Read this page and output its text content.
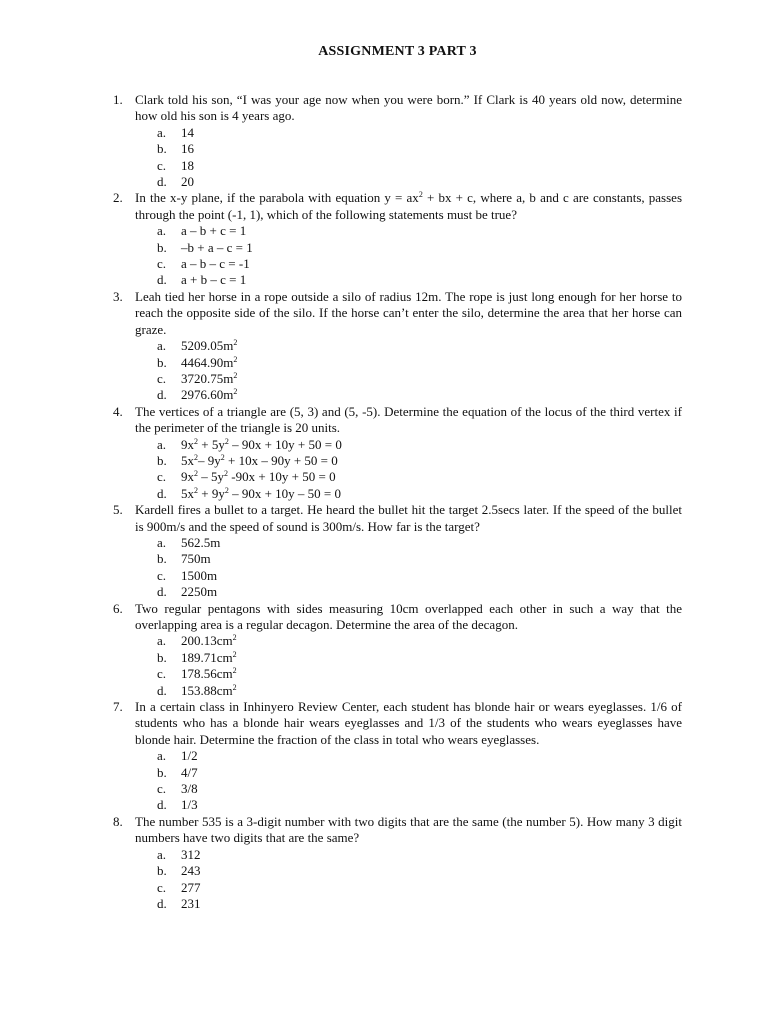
ASSIGNMENT 3 PART 3
1. Clark told his son, “I was your age now when you were born.” If Clark is 40 years old now, determine how old his son is 4 years ago.
a. 14
b. 16
c. 18
d. 20
2. In the x-y plane, if the parabola with equation $y = ax^2$ + bx + c, where a, b and c are constants, passes through the point (-1, 1), which of the following statements must be true?
a. a – b + c = 1
b. –b + a – c = 1
c. a – b – c = -1
d. a + b – c = 1
3. Leah tied her horse in a rope outside a silo of radius 12m. The rope is just long enough for her horse to reach the opposite side of the silo. If the horse can’t enter the silo, determine the area that her horse can graze.
a. $5209.05m^2$
b. $4464.90m^2$
c. $3720.75m^2$
d. $2976.60m^2$
4. The vertices of a triangle are (5, 3) and (5, -5). Determine the equation of the locus of the third vertex if the perimeter of the triangle is 20 units.
a. $9x^2 + 5y^2 - 90x + 10y + 50 = 0$
b. $5x^2-$ $9y^2 + 10x - 90y + 50 = 0$
c. $9x^2 - 5y^2$ -90x + 10y + 50 = 0
d. $5x^2 + 9y^2 - 90x + 10y - 50 = 0$
5. Kardell fires a bullet to a target. He heard the bullet hit the target 2.5secs later. If the speed of the bullet is 900m/s and the speed of sound is 300m/s. How far is the target?
a. 562.5m
b. 750m
c. 1500m
d. 2250m
6. Two regular pentagons with sides measuring 10cm overlapped each other in such a way that the overlapping area is a regular decagon. Determine the area of the decagon.
a. $200.13cm^2$
b. $189.71cm^2$
c. $178.56cm^2$
d. $153.88cm^2$
7. In a certain class in Inhinyero Review Center, each student has blonde hair or wears eyeglasses. 1/6 of students who has a blonde hair wears eyeglasses and 1/3 of the students who wears eyeglasses have blonde hair. Determine the fraction of the class in total who wears eyeglasses.
a. 1/2
b. 4/7
c. 3/8
d. 1/3
8. The number 535 is a 3-digit number with two digits that are the same (the number 5). How many 3 digit numbers have two digits that are the same?
a. 312
b. 243
c. 277
d. 231
